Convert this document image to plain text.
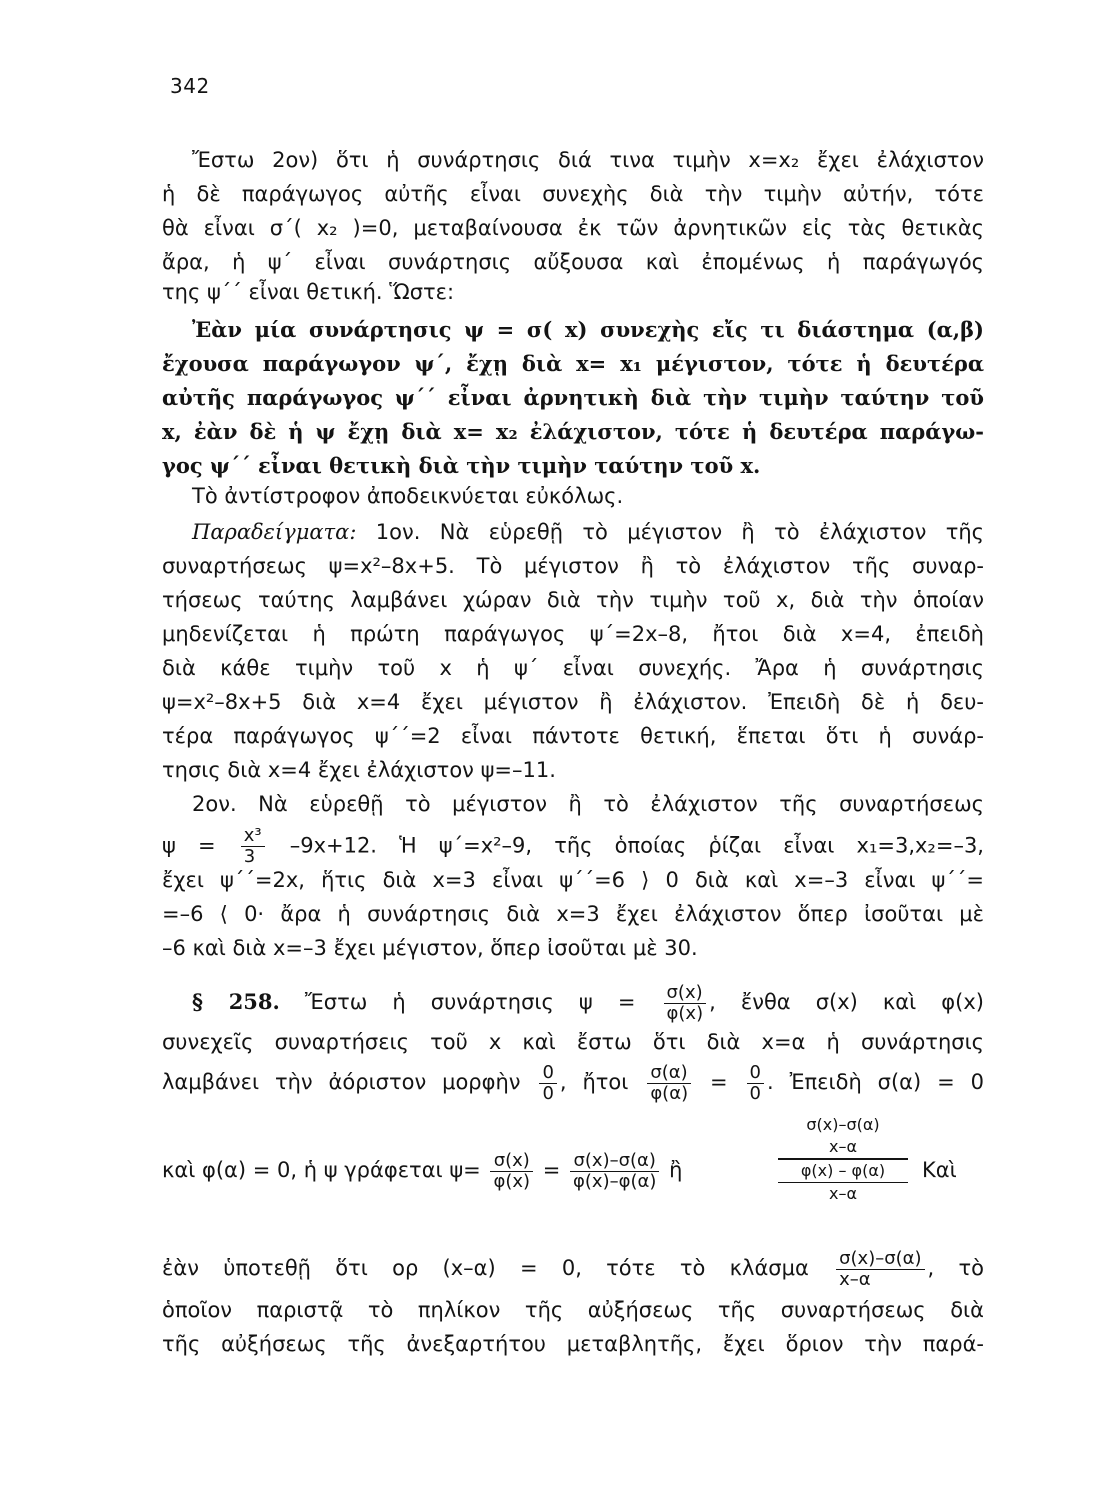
342
Ἔστω 2ον) ὅτι ἡ συνάρτησις διά τινα τιμὴν x=x₂ ἔχει ἐλάχιστον
ἡ δὲ παράγωγος αὐτῆς εἶναι συνεχὴς διὰ τὴν τιμὴν αὐτήν, τότε
θὰ εἶναι σ΄( x₂ )=0, μεταβαίνουσα ἐκ τῶν ἀρνητικῶν εἰς τὰς θετικὰς
ἄρα, ἡ ψ΄ εἶναι συνάρτησις αὔξουσα καὶ ἐπομένως ἡ παράγωγός
της ψ΄΄ εἶναι θετική. Ὥστε:
Ἐὰν μία συνάρτησις ψ = σ( x) συνεχὴς εἴς τι διάστημα (α,β)
ἔχουσα παράγωγον ψ΄, ἔχῃ διὰ x= x₁ μέγιστον, τότε ἡ δευτέρα
αὐτῆς παράγωγος ψ΄΄ εἶναι ἀρνητικὴ διὰ τὴν τιμὴν ταύτην τοῦ
x, ἐὰν δὲ ἡ ψ ἔχῃ διὰ x= x₂ ἐλάχιστον, τότε ἡ δευτέρα παράγω-
γος ψ΄΄ εἶναι θετικὴ διὰ τὴν τιμὴν ταύτην τοῦ x.
Τὸ ἀντίστροφον ἀποδεικνύεται εὐκόλως.
Παραδείγματα: 1ον. Νὰ εὑρεθῇ τὸ μέγιστον ἢ τὸ ἐλάχιστον τῆς
συναρτήσεως ψ=x²–8x+5. Τὸ μέγιστον ἢ τὸ ἐλάχιστον τῆς συναρ-
τήσεως ταύτης λαμβάνει χώραν διὰ τὴν τιμὴν τοῦ x, διὰ τὴν ὁποίαν
μηδενίζεται ἡ πρώτη παράγωγος ψ΄=2x–8, ἤτοι διὰ x=4, ἐπειδὴ
διὰ κάθε τιμὴν τοῦ x ἡ ψ΄ εἶναι συνεχής. Ἄρα ἡ συνάρτησις
ψ=x²–8x+5 διὰ x=4 ἔχει μέγιστον ἢ ἐλάχιστον. Ἐπειδὴ δὲ ἡ δευ-
τέρα παράγωγος ψ΄΄=2 εἶναι πάντοτε θετική, ἕπεται ὅτι ἡ συνάρ-
τησις διὰ x=4 ἔχει ἐλάχιστον ψ=–11.
2ον. Νὰ εὑρεθῇ τὸ μέγιστον ἢ τὸ ἐλάχιστον τῆς συναρτήσεως
$\psi = \frac{\text{x³}}{3} -9x+12$. Ἡ ψ΄=x²–9, τῆς ὁποίας ῥίζαι εἶναι x₁=3,x₂=–3,
ἔχει ψ΄΄=2x, ἥτις διὰ x=3 εἶναι ψ΄΄=6 ⟩ 0 διὰ καὶ x=–3 εἶναι ψ΄΄=
=–6 ⟨ 0· ἄρα ἡ συνάρτησις διὰ x=3 ἔχει ἐλάχιστον ὅπερ ἰσοῦται μὲ
–6 καὶ διὰ x=–3 ἔχει μέγιστον, ὅπερ ἰσοῦται μὲ 30.
§ 258. Ἔστω ἡ συνάρτησις $\psi = \frac{\sigma(x)}{\varphi(x)}$ , ἔνθα σ(x) καὶ φ(x)
συνεχεῖς συναρτήσεις τοῦ x καὶ ἔστω ὅτι διὰ x=α ἡ συνάρτησις
λαμβάνει τὴν ἀόριστον μορφὴν $\frac{0}{0}$ , ἤτοι $\frac{\sigma(\alpha)}{\varphi(\alpha)} = \frac{0}{0}$ . Ἐπειδὴ σ(α) = 0
καὶ φ(α) = 0, ἡ ψ γράφεται $\psi= \frac{\sigma(x)}{\varphi(x)} = \frac{\sigma(x)-\sigma(\alpha)}{\varphi(x)-\varphi(\alpha)}$ ἢ
σ(x)–σ(α)
x–α
φ(x) – φ(α)
x–α
Καὶ
ἐὰν ὑποτεθῇ ὅτι ορ (x–α) = 0, τότε τὸ κλάσμα $\frac{\sigma(x)-\sigma(\alpha)}{x-\alpha}$ , τὸ
ὁποῖον παριστᾷ τὸ πηλίκον τῆς αὐξήσεως τῆς συναρτήσεως διὰ
τῆς αὐξήσεως τῆς ἀνεξαρτήτου μεταβλητῆς, ἔχει ὅριον τὴν παρά-
